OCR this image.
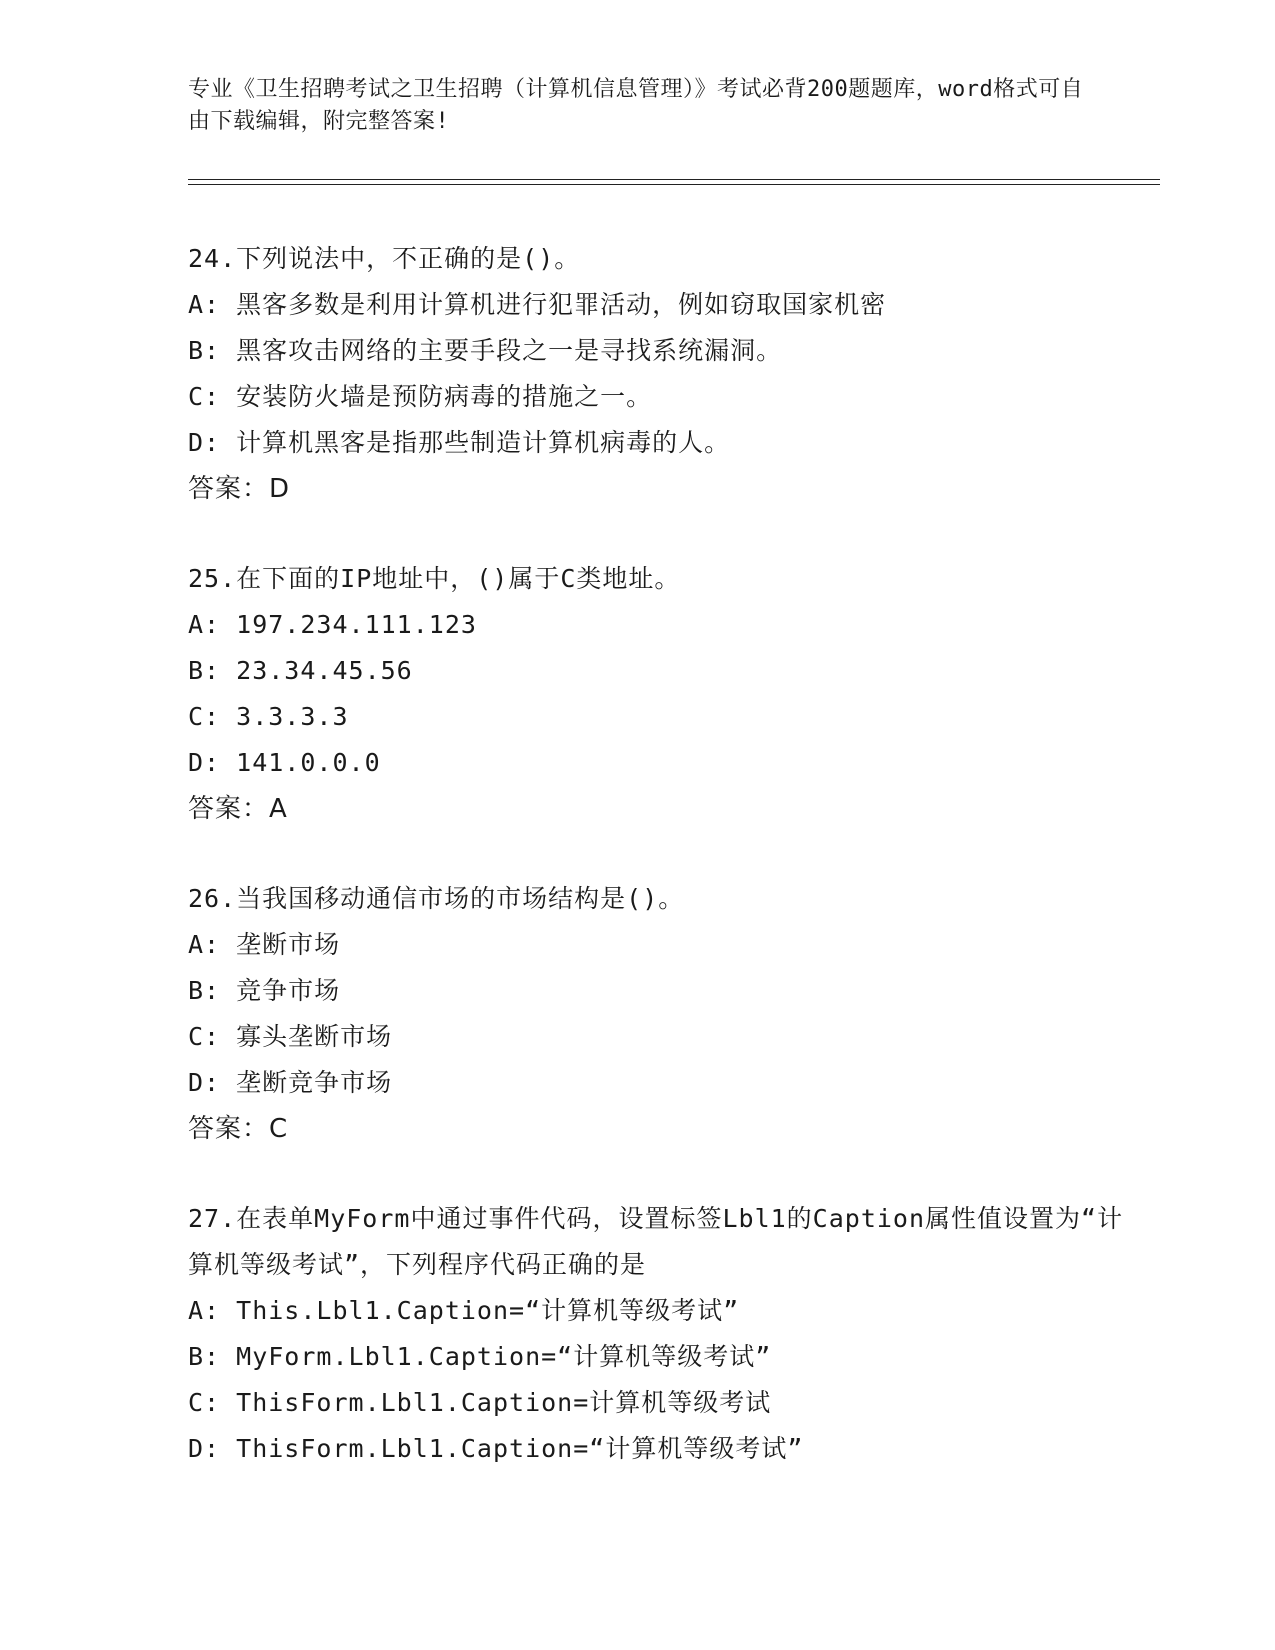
专业《卫生招聘考试之卫生招聘（计算机信息管理）》考试必背200题题库，word格式可自由下载编辑，附完整答案!
24.下列说法中，不正确的是()。
A: 黑客多数是利用计算机进行犯罪活动，例如窃取国家机密
B: 黑客攻击网络的主要手段之一是寻找系统漏洞。
C: 安装防火墙是预防病毒的措施之一。
D: 计算机黑客是指那些制造计算机病毒的人。
答案：D
25.在下面的IP地址中，()属于C类地址。
A: 197.234.111.123
B: 23.34.45.56
C: 3.3.3.3
D: 141.0.0.0
答案：A
26.当我国移动通信市场的市场结构是()。
A: 垄断市场
B: 竞争市场
C: 寡头垄断市场
D: 垄断竞争市场
答案：C
27.在表单MyForm中通过事件代码，设置标签Lbl1的Caption属性值设置为“计算机等级考试”，下列程序代码正确的是
A: This.Lbl1.Caption=“计算机等级考试”
B: MyForm.Lbl1.Caption=“计算机等级考试”
C: ThisForm.Lbl1.Caption=计算机等级考试
D: ThisForm.Lbl1.Caption=“计算机等级考试”
